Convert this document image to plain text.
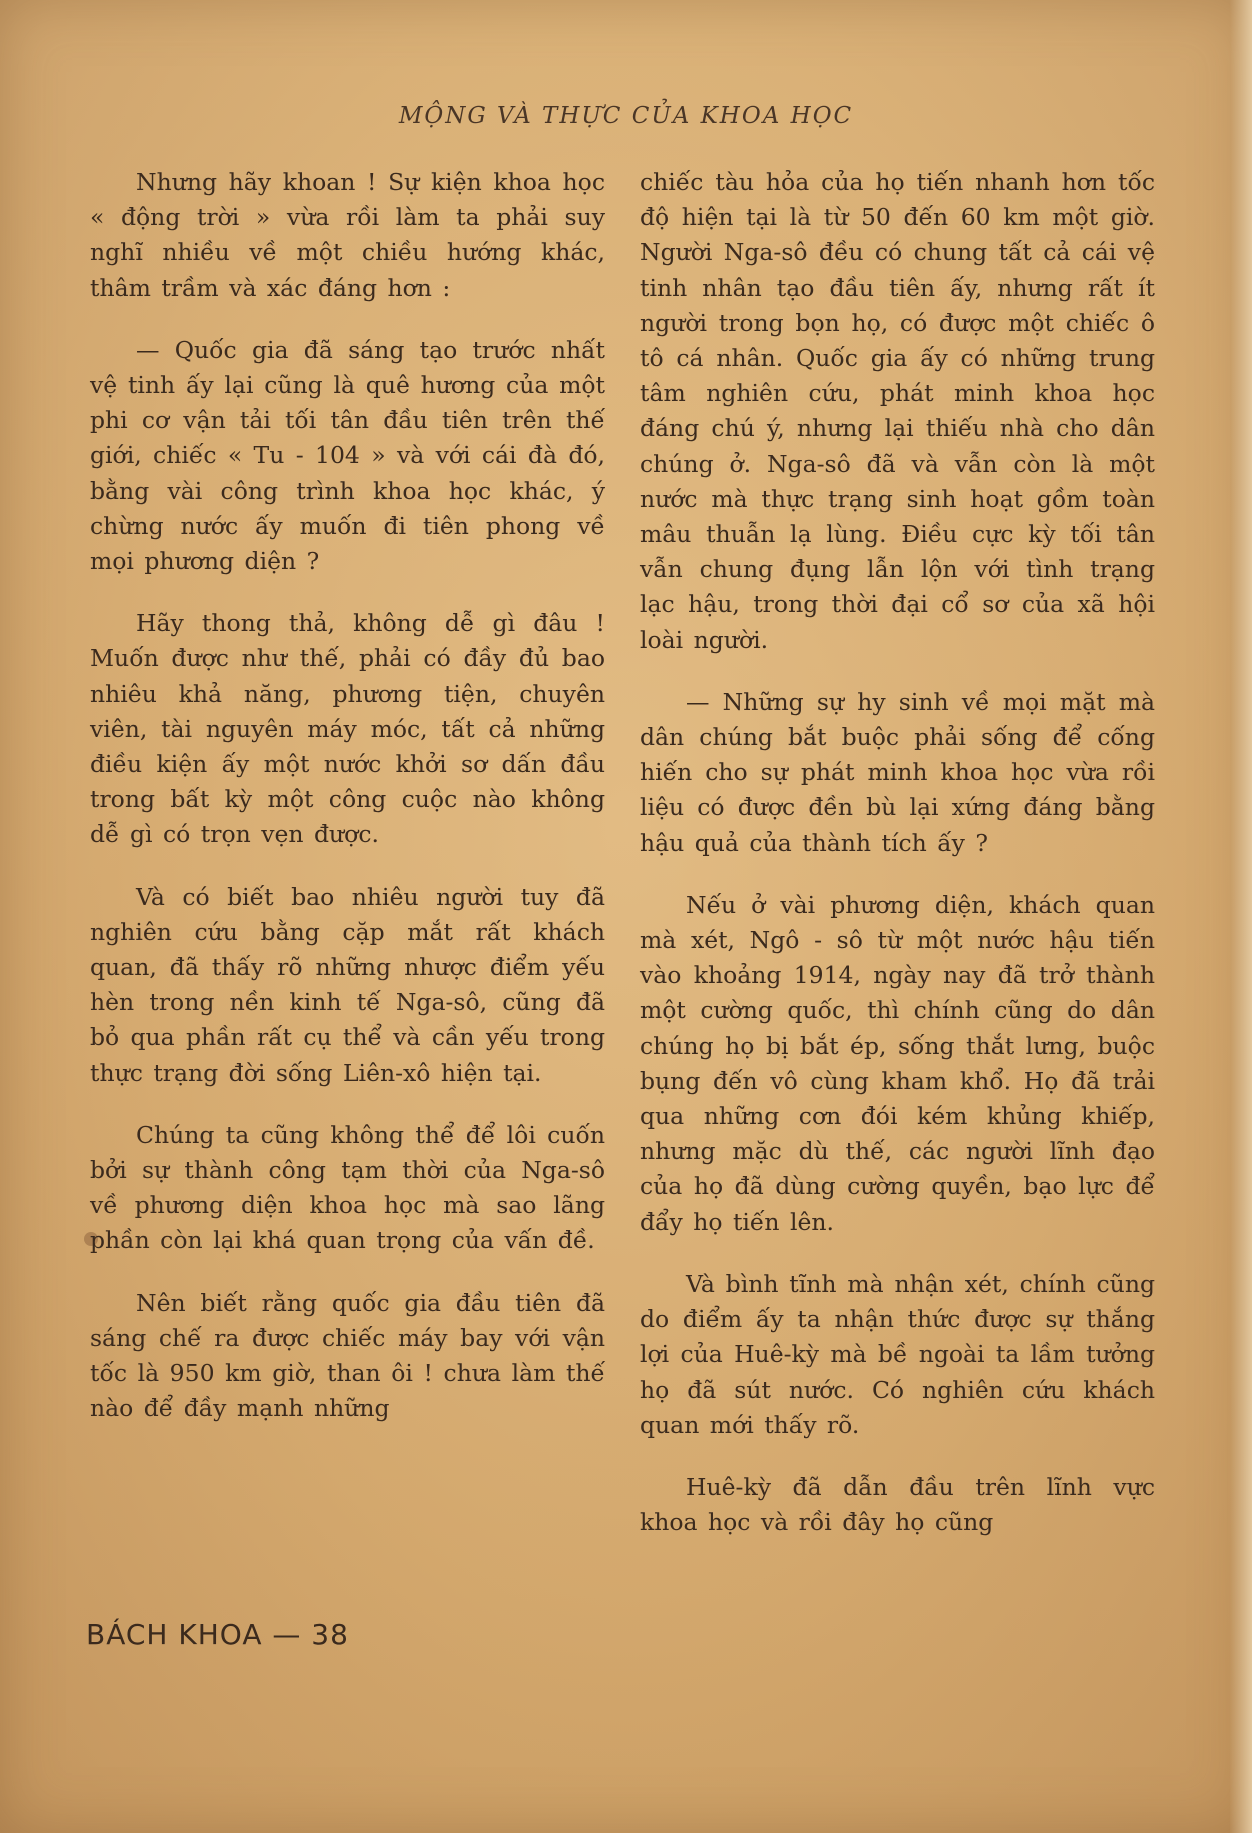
MỘNG VÀ THỰC CỦA KHOA HỌC

Nhưng hãy khoan ! Sự kiện khoa học « động trời » vừa rồi làm ta phải suy nghĩ nhiều về một chiều hướng khác, thâm trầm và xác đáng hơn :

— Quốc gia đã sáng tạo trước nhất vệ tinh ấy lại cũng là quê hương của một phi cơ vận tải tối tân đầu tiên trên thế giới, chiếc « Tu - 104 » và với cái đà đó, bằng vài công trình khoa học khác, ý chừng nước ấy muốn đi tiên phong về mọi phương diện ?

Hãy thong thả, không dễ gì đâu ! Muốn được như thế, phải có đầy đủ bao nhiêu khả năng, phương tiện, chuyên viên, tài nguyên máy móc, tất cả những điều kiện ấy một nước khởi sơ dấn đầu trong bất kỳ một công cuộc nào không dễ gì có trọn vẹn được.

Và có biết bao nhiêu người tuy đã nghiên cứu bằng cặp mắt rất khách quan, đã thấy rõ những nhược điểm yếu hèn trong nền kinh tế Nga-sô, cũng đã bỏ qua phần rất cụ thể và cần yếu trong thực trạng đời sống Liên-xô hiện tại.

Chúng ta cũng không thể để lôi cuốn bởi sự thành công tạm thời của Nga-sô về phương diện khoa học mà sao lãng phần còn lại khá quan trọng của vấn đề.

Nên biết rằng quốc gia đầu tiên đã sáng chế ra được chiếc máy bay với vận tốc là 950 km giờ, than ôi ! chưa làm thế nào để đầy mạnh những

chiếc tàu hỏa của họ tiến nhanh hơn tốc độ hiện tại là từ 50 đến 60 km một giờ. Người Nga-sô đều có chung tất cả cái vệ tinh nhân tạo đầu tiên ấy, nhưng rất ít người trong bọn họ, có được một chiếc ô tô cá nhân. Quốc gia ấy có những trung tâm nghiên cứu, phát minh khoa học đáng chú ý, nhưng lại thiếu nhà cho dân chúng ở. Nga-sô đã và vẫn còn là một nước mà thực trạng sinh hoạt gồm toàn mâu thuẫn lạ lùng. Điều cực kỳ tối tân vẫn chung đụng lẫn lộn với tình trạng lạc hậu, trong thời đại cổ sơ của xã hội loài người.

— Những sự hy sinh về mọi mặt mà dân chúng bắt buộc phải sống để cống hiến cho sự phát minh khoa học vừa rồi liệu có được đền bù lại xứng đáng bằng hậu quả của thành tích ấy ?

Nếu ở vài phương diện, khách quan mà xét, Ngô - sô từ một nước hậu tiến vào khoảng 1914, ngày nay đã trở thành một cường quốc, thì chính cũng do dân chúng họ bị bắt ép, sống thắt lưng, buộc bụng đến vô cùng kham khổ. Họ đã trải qua những cơn đói kém khủng khiếp, nhưng mặc dù thế, các người lĩnh đạo của họ đã dùng cường quyền, bạo lực để đẩy họ tiến lên.

Và bình tĩnh mà nhận xét, chính cũng do điểm ấy ta nhận thức được sự thắng lợi của Huê-kỳ mà bề ngoài ta lầm tưởng họ đã sút nước. Có nghiên cứu khách quan mới thấy rõ.

Huê-kỳ đã dẫn đầu trên lĩnh vực khoa học và rồi đây họ cũng

BÁCH KHOA — 38
